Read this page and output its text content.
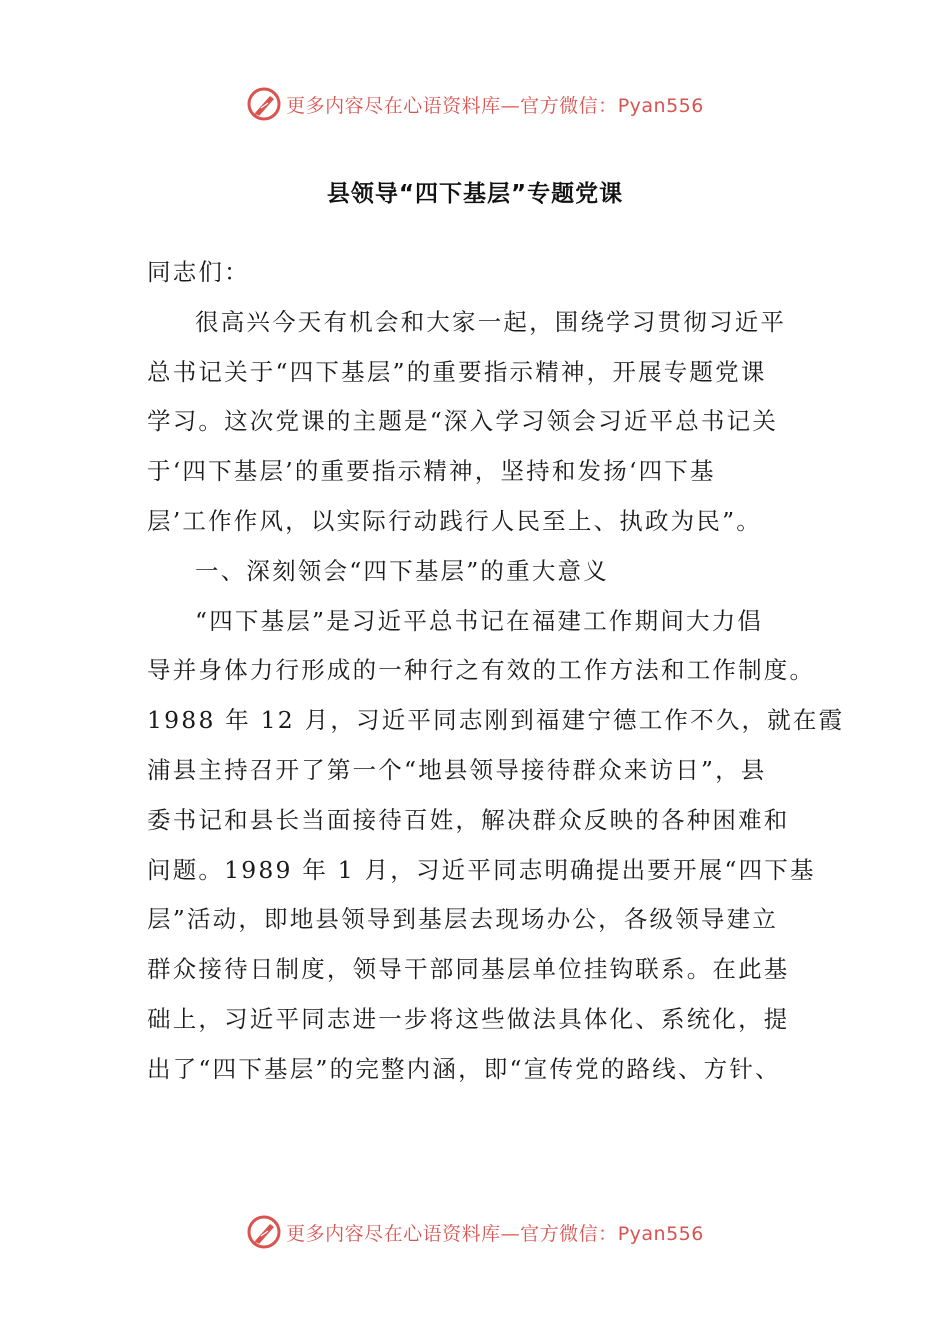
更多内容尽在心语资料库—官方微信：Pyan556
县领导“四下基层”专题党课
同志们：
很高兴今天有机会和大家一起，围绕学习贯彻习近平
总书记关于“四下基层”的重要指示精神，开展专题党课
学习。这次党课的主题是“深入学习领会习近平总书记关
于‘四下基层’的重要指示精神，坚持和发扬‘四下基
层’工作作风，以实际行动践行人民至上、执政为民”。
一、深刻领会“四下基层”的重大意义
“四下基层”是习近平总书记在福建工作期间大力倡
导并身体力行形成的一种行之有效的工作方法和工作制度。
1988 年 12 月，习近平同志刚到福建宁德工作不久，就在霞
浦县主持召开了第一个“地县领导接待群众来访日”，县
委书记和县长当面接待百姓，解决群众反映的各种困难和
问题。1989 年 1 月，习近平同志明确提出要开展“四下基
层”活动，即地县领导到基层去现场办公，各级领导建立
群众接待日制度，领导干部同基层单位挂钩联系。在此基
础上，习近平同志进一步将这些做法具体化、系统化，提
出了“四下基层”的完整内涵，即“宣传党的路线、方针、
更多内容尽在心语资料库—官方微信：Pyan556
